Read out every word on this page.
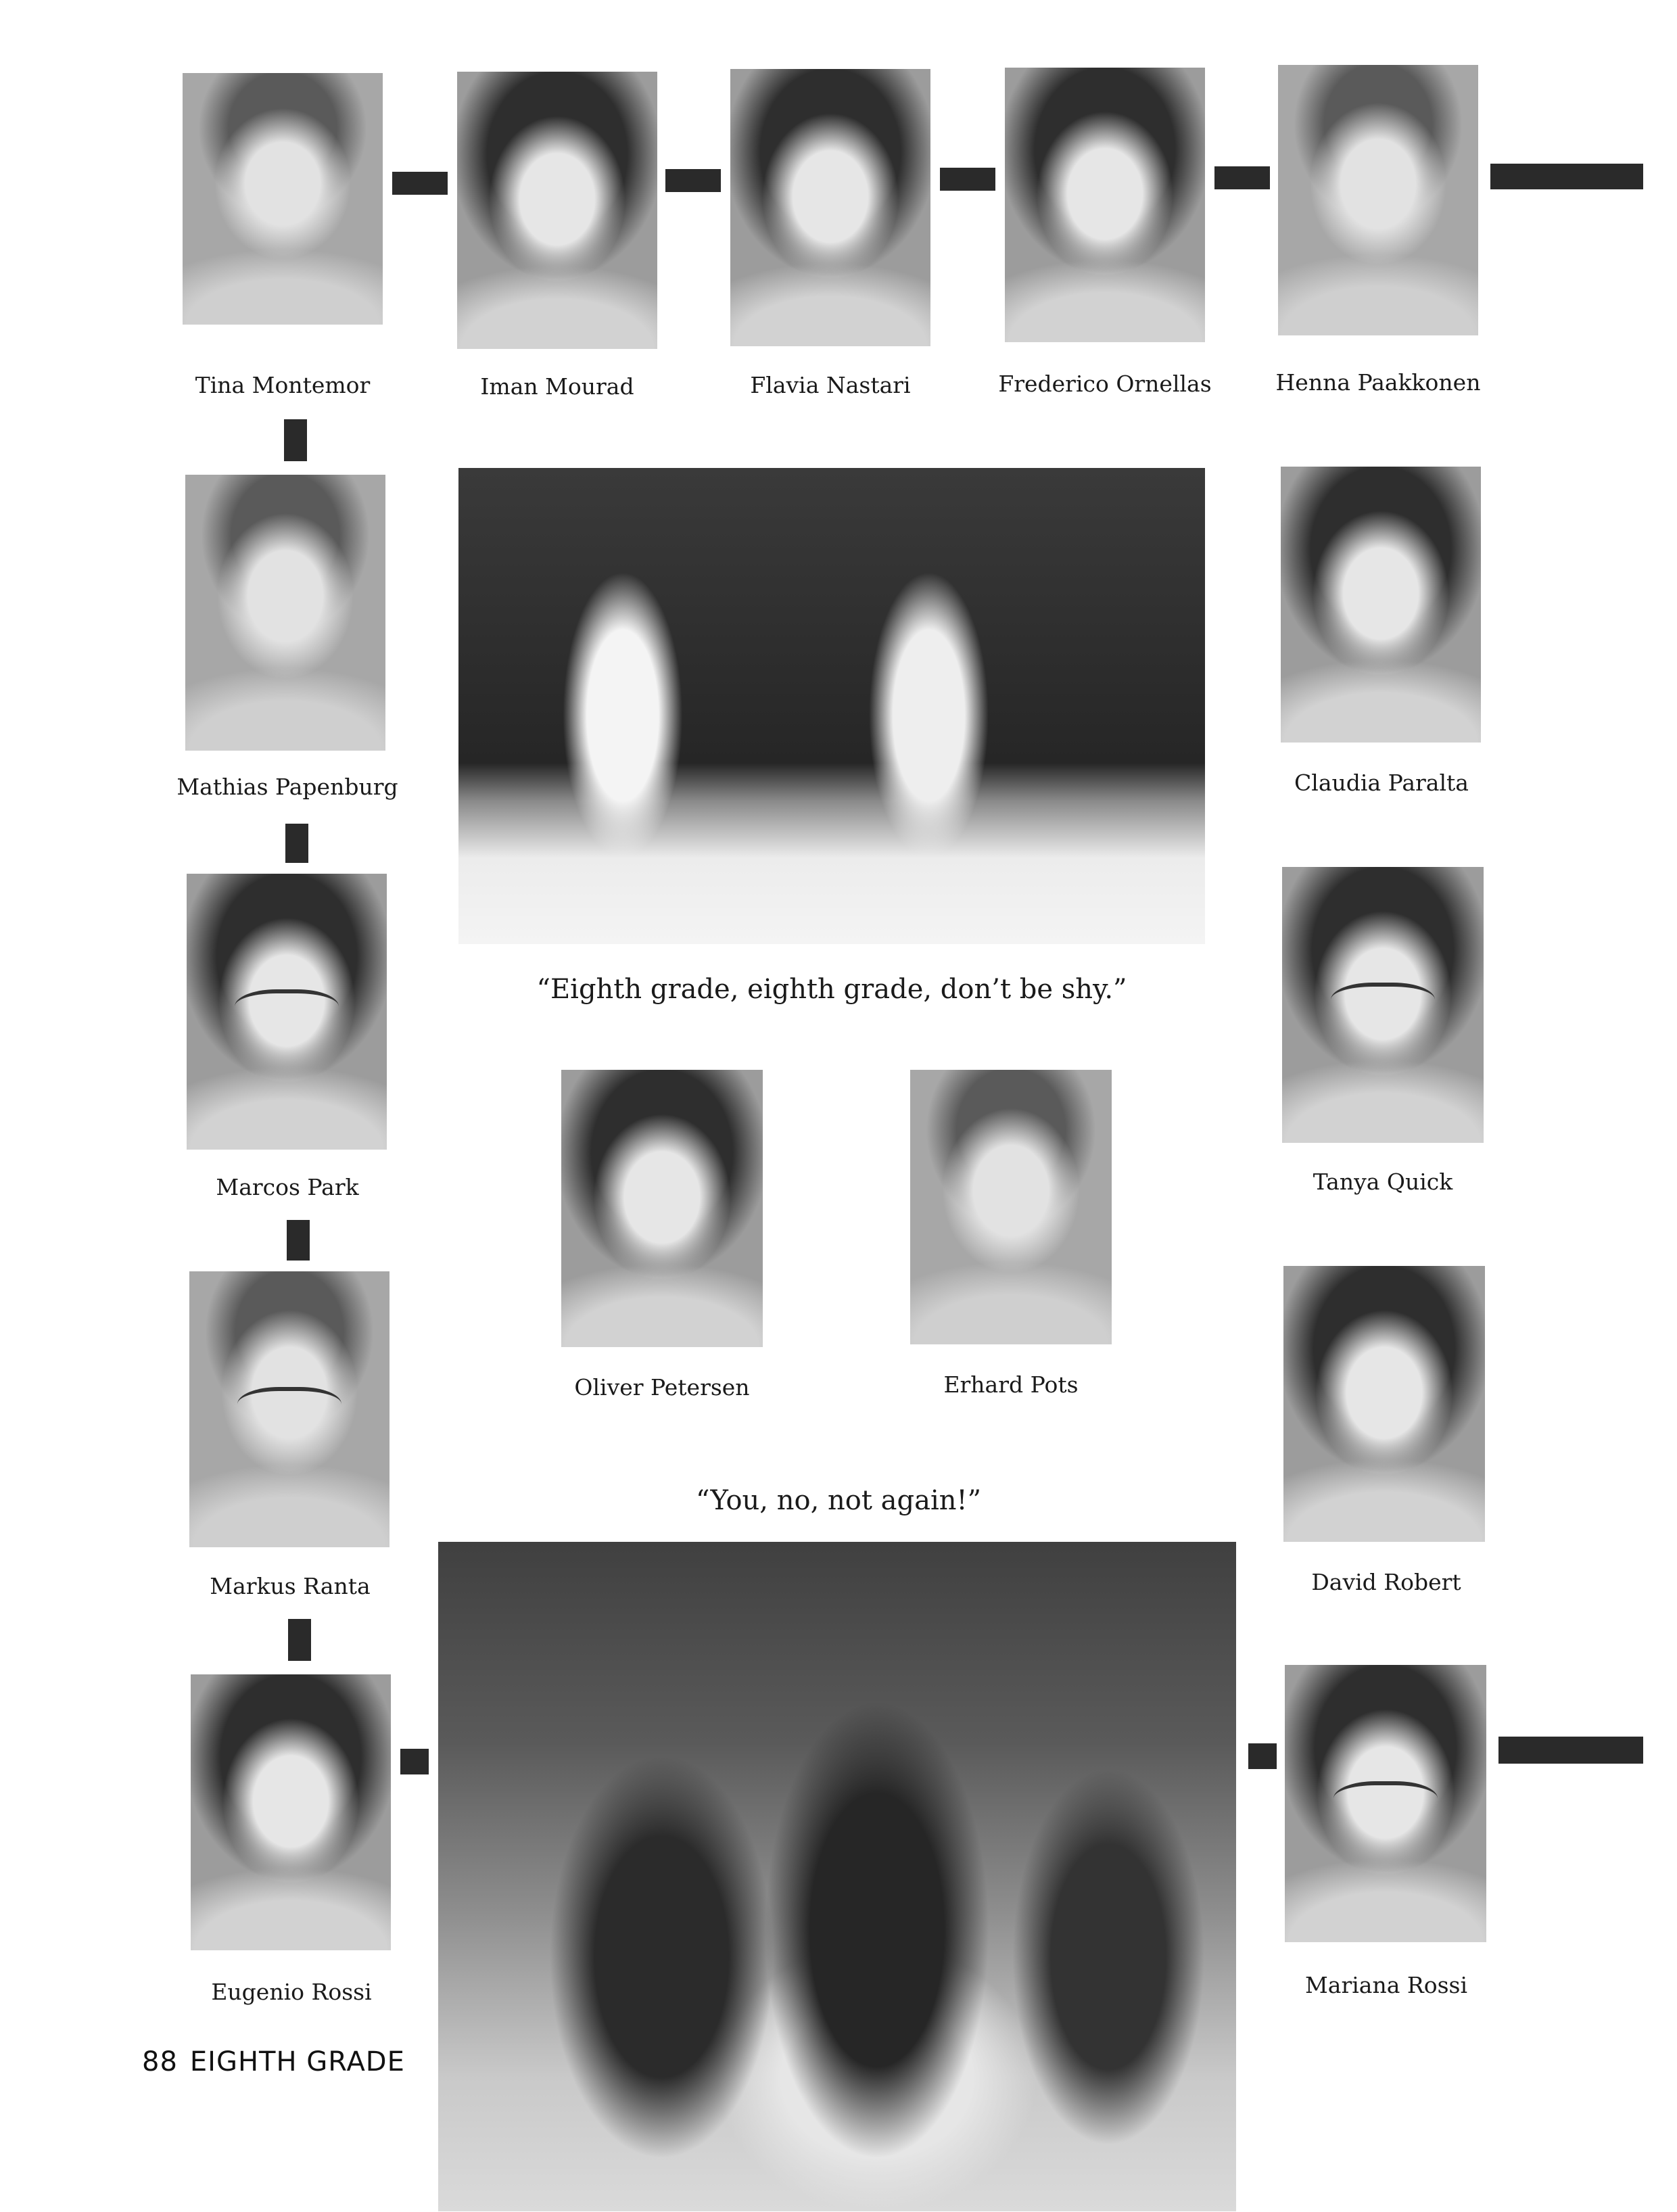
Tina Montemor	Iman Mourad	Flavia Nastari	Frederico Ornellas	Henna Paakkonen
Mathias Papenburg
Marcos Park
Markus Ranta
Eugenio Rossi
Claudia Paralta
Tanya Quick
David Robert
Mariana Rossi
“Eighth grade, eighth grade, don’t be shy.”
Oliver Petersen	Erhard Pots
“You, no, not again!”
88 EIGHTH GRADE
